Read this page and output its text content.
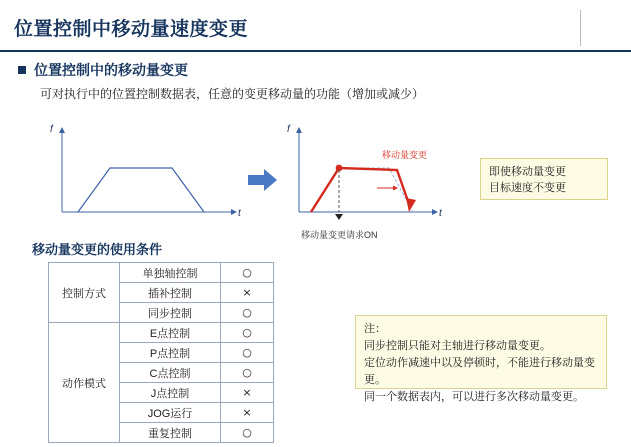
位置控制中移动量速度变更
位置控制中的移动量变更
可对执行中的位置控制数据表，任意的变更移动量的功能（增加或减少）
f
t
f
t
移动量变更
移动量变更请求ON
即使移动量变更
目标速度不变更
移动量变更的使用条件
控制方式	单独轴控制	○
	插补控制	×
	同步控制	○
动作模式	E点控制	○
	P点控制	○
	C点控制	○
	J点控制	×
	JOG运行	×
	重复控制	○
注：
同步控制只能对主轴进行移动量变更。
定位动作减速中以及停顿时，不能进行移动量变更。
同一个数据表内，可以进行多次移动量变更。
